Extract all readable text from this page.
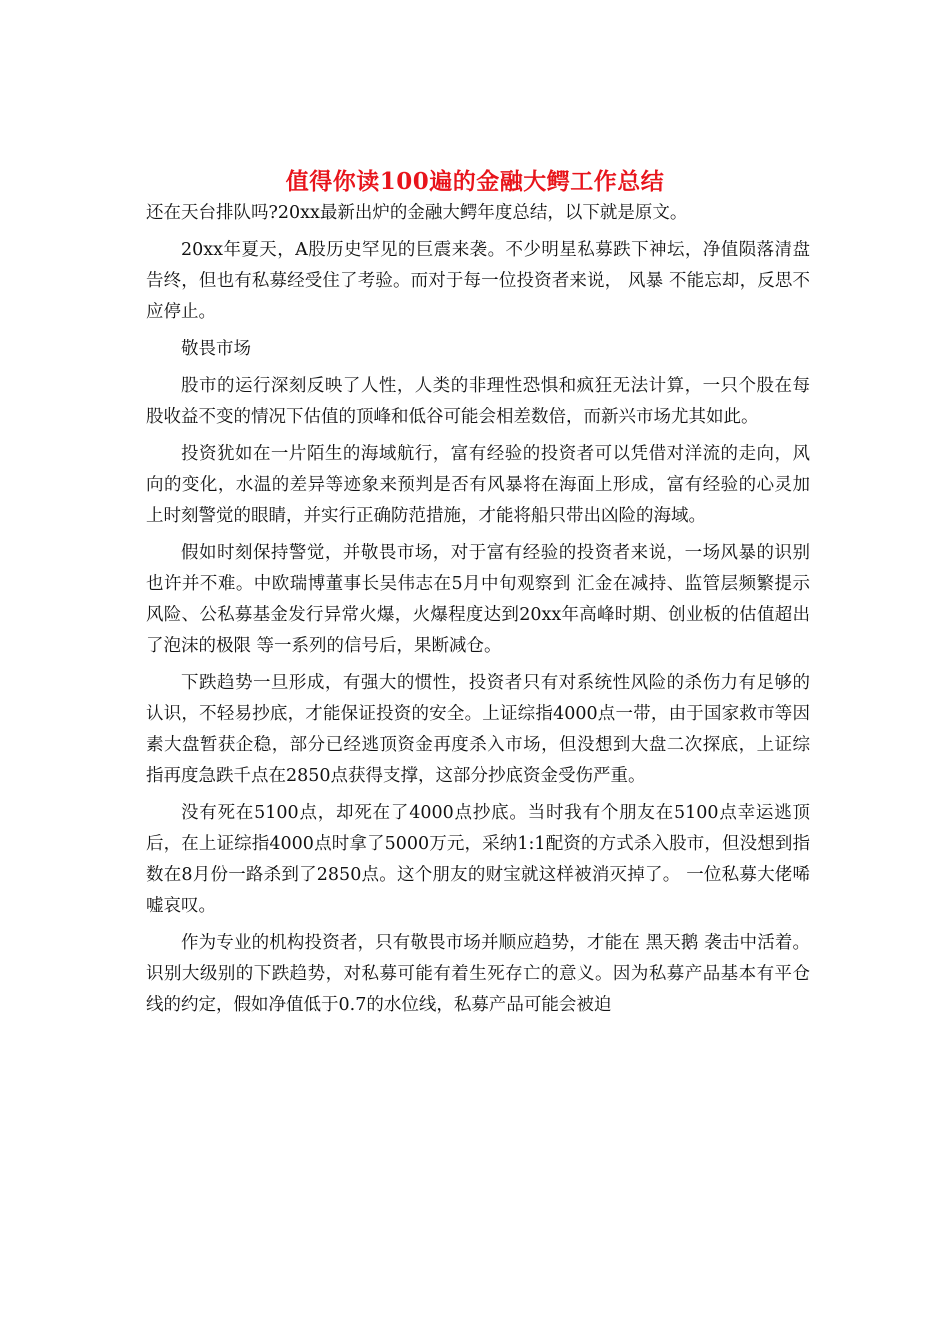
值得你读100遍的金融大鳄工作总结

还在天台排队吗?20xx最新出炉的金融大鳄年度总结，以下就是原文。

20xx年夏天，A股历史罕见的巨震来袭。不少明星私募跌下神坛，净值陨落清盘告终，但也有私募经受住了考验。而对于每一位投资者来说， 风暴 不能忘却，反思不应停止。

敬畏市场

股市的运行深刻反映了人性，人类的非理性恐惧和疯狂无法计算，一只个股在每股收益不变的情况下估值的顶峰和低谷可能会相差数倍，而新兴市场尤其如此。

投资犹如在一片陌生的海域航行，富有经验的投资者可以凭借对洋流的走向，风向的变化，水温的差异等迹象来预判是否有风暴将在海面上形成，富有经验的心灵加上时刻警觉的眼睛，并实行正确防范措施，才能将船只带出凶险的海域。

假如时刻保持警觉，并敬畏市场，对于富有经验的投资者来说，一场风暴的识别也许并不难。中欧瑞博董事长吴伟志在5月中旬观察到 汇金在减持、监管层频繁提示风险、公私募基金发行异常火爆，火爆程度达到20xx年高峰时期、创业板的估值超出了泡沫的极限 等一系列的信号后，果断减仓。

下跌趋势一旦形成，有强大的惯性，投资者只有对系统性风险的杀伤力有足够的认识，不轻易抄底，才能保证投资的安全。上证综指4000点一带，由于国家救市等因素大盘暂获企稳，部分已经逃顶资金再度杀入市场，但没想到大盘二次探底，上证综指再度急跌千点在2850点获得支撑，这部分抄底资金受伤严重。

没有死在5100点，却死在了4000点抄底。当时我有个朋友在5100点幸运逃顶后，在上证综指4000点时拿了5000万元，采纳1:1配资的方式杀入股市，但没想到指数在8月份一路杀到了2850点。这个朋友的财宝就这样被消灭掉了。 一位私募大佬唏嘘哀叹。

作为专业的机构投资者，只有敬畏市场并顺应趋势，才能在 黑天鹅 袭击中活着。识别大级别的下跌趋势，对私募可能有着生死存亡的意义。因为私募产品基本有平仓线的约定，假如净值低于0.7的水位线，私募产品可能会被迫
